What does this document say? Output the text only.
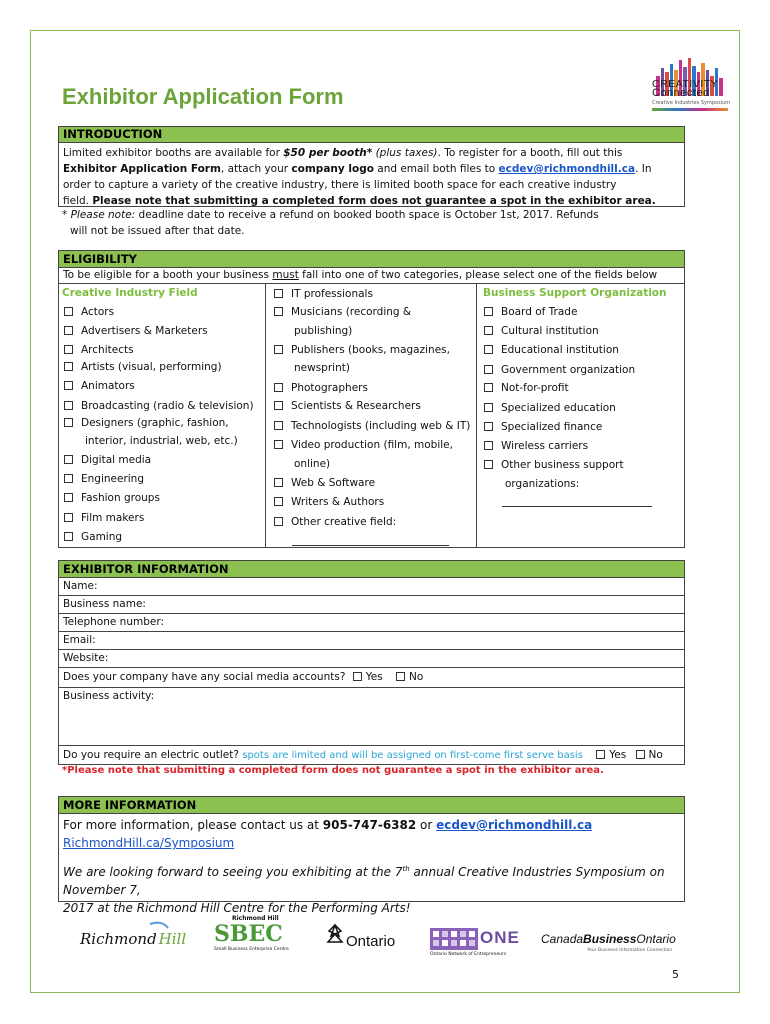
CREATIVITY
Connected
Creative Industries Symposium
Exhibitor Application Form
INTRODUCTION
Limited exhibitor booths are available for $50 per booth* (plus taxes). To register for a booth, fill out this
Exhibitor Application Form, attach your company logo and email both files to ecdev@richmondhill.ca. In
order to capture a variety of the creative industry, there is limited booth space for each creative industry
field. Please note that submitting a completed form does not guarantee a spot in the exhibitor area.
* Please note: deadline date to receive a refund on booked booth space is October 1st, 2017. Refunds
will not be issued after that date.
ELIGIBILITY
To be eligible for a booth your business must fall into one of two categories, please select one of the fields below
Creative Industry Field
Actors
Advertisers & Marketers
Architects
Artists (visual, performing)
Animators
Broadcasting (radio & television)
Designers (graphic, fashion,
interior, industrial, web, etc.)
Digital media
Engineering
Fashion groups
Film makers
Gaming
IT professionals
Musicians (recording &
publishing)
Publishers (books, magazines,
newsprint)
Photographers
Scientists & Researchers
Technologists (including web & IT)
Video production (film, mobile,
online)
Web & Software
Writers & Authors
Other creative field:
Business Support Organization
Board of Trade
Cultural institution
Educational institution
Government organization
Not-for-profit
Specialized education
Specialized finance
Wireless carriers
Other business support
organizations:
EXHIBITOR INFORMATION
Name:
Business name:
Telephone number:
Email:
Website:
Does your company have any social media accounts? Yes	No
Business activity:
Do you require an electric outlet? spots are limited and will be assigned on first-come first serve basis	Yes No
*Please note that submitting a completed form does not guarantee a spot in the exhibitor area.
MORE INFORMATION
For more information, please contact us at 905-747-6382 or ecdev@richmondhill.ca
RichmondHill.ca/Symposium
We are looking forward to seeing you exhibiting at the 7th annual Creative Industries Symposium on November 7,
2017 at the Richmond Hill Centre for the Performing Arts!
Richmond Hill
Richmond Hill
SBEC
Small Business Enterprise Centre	Ontario	ONE
Ontario Network of Entrepreneurs
CanadaBusinessOntario
Your Business Information Connection
5
